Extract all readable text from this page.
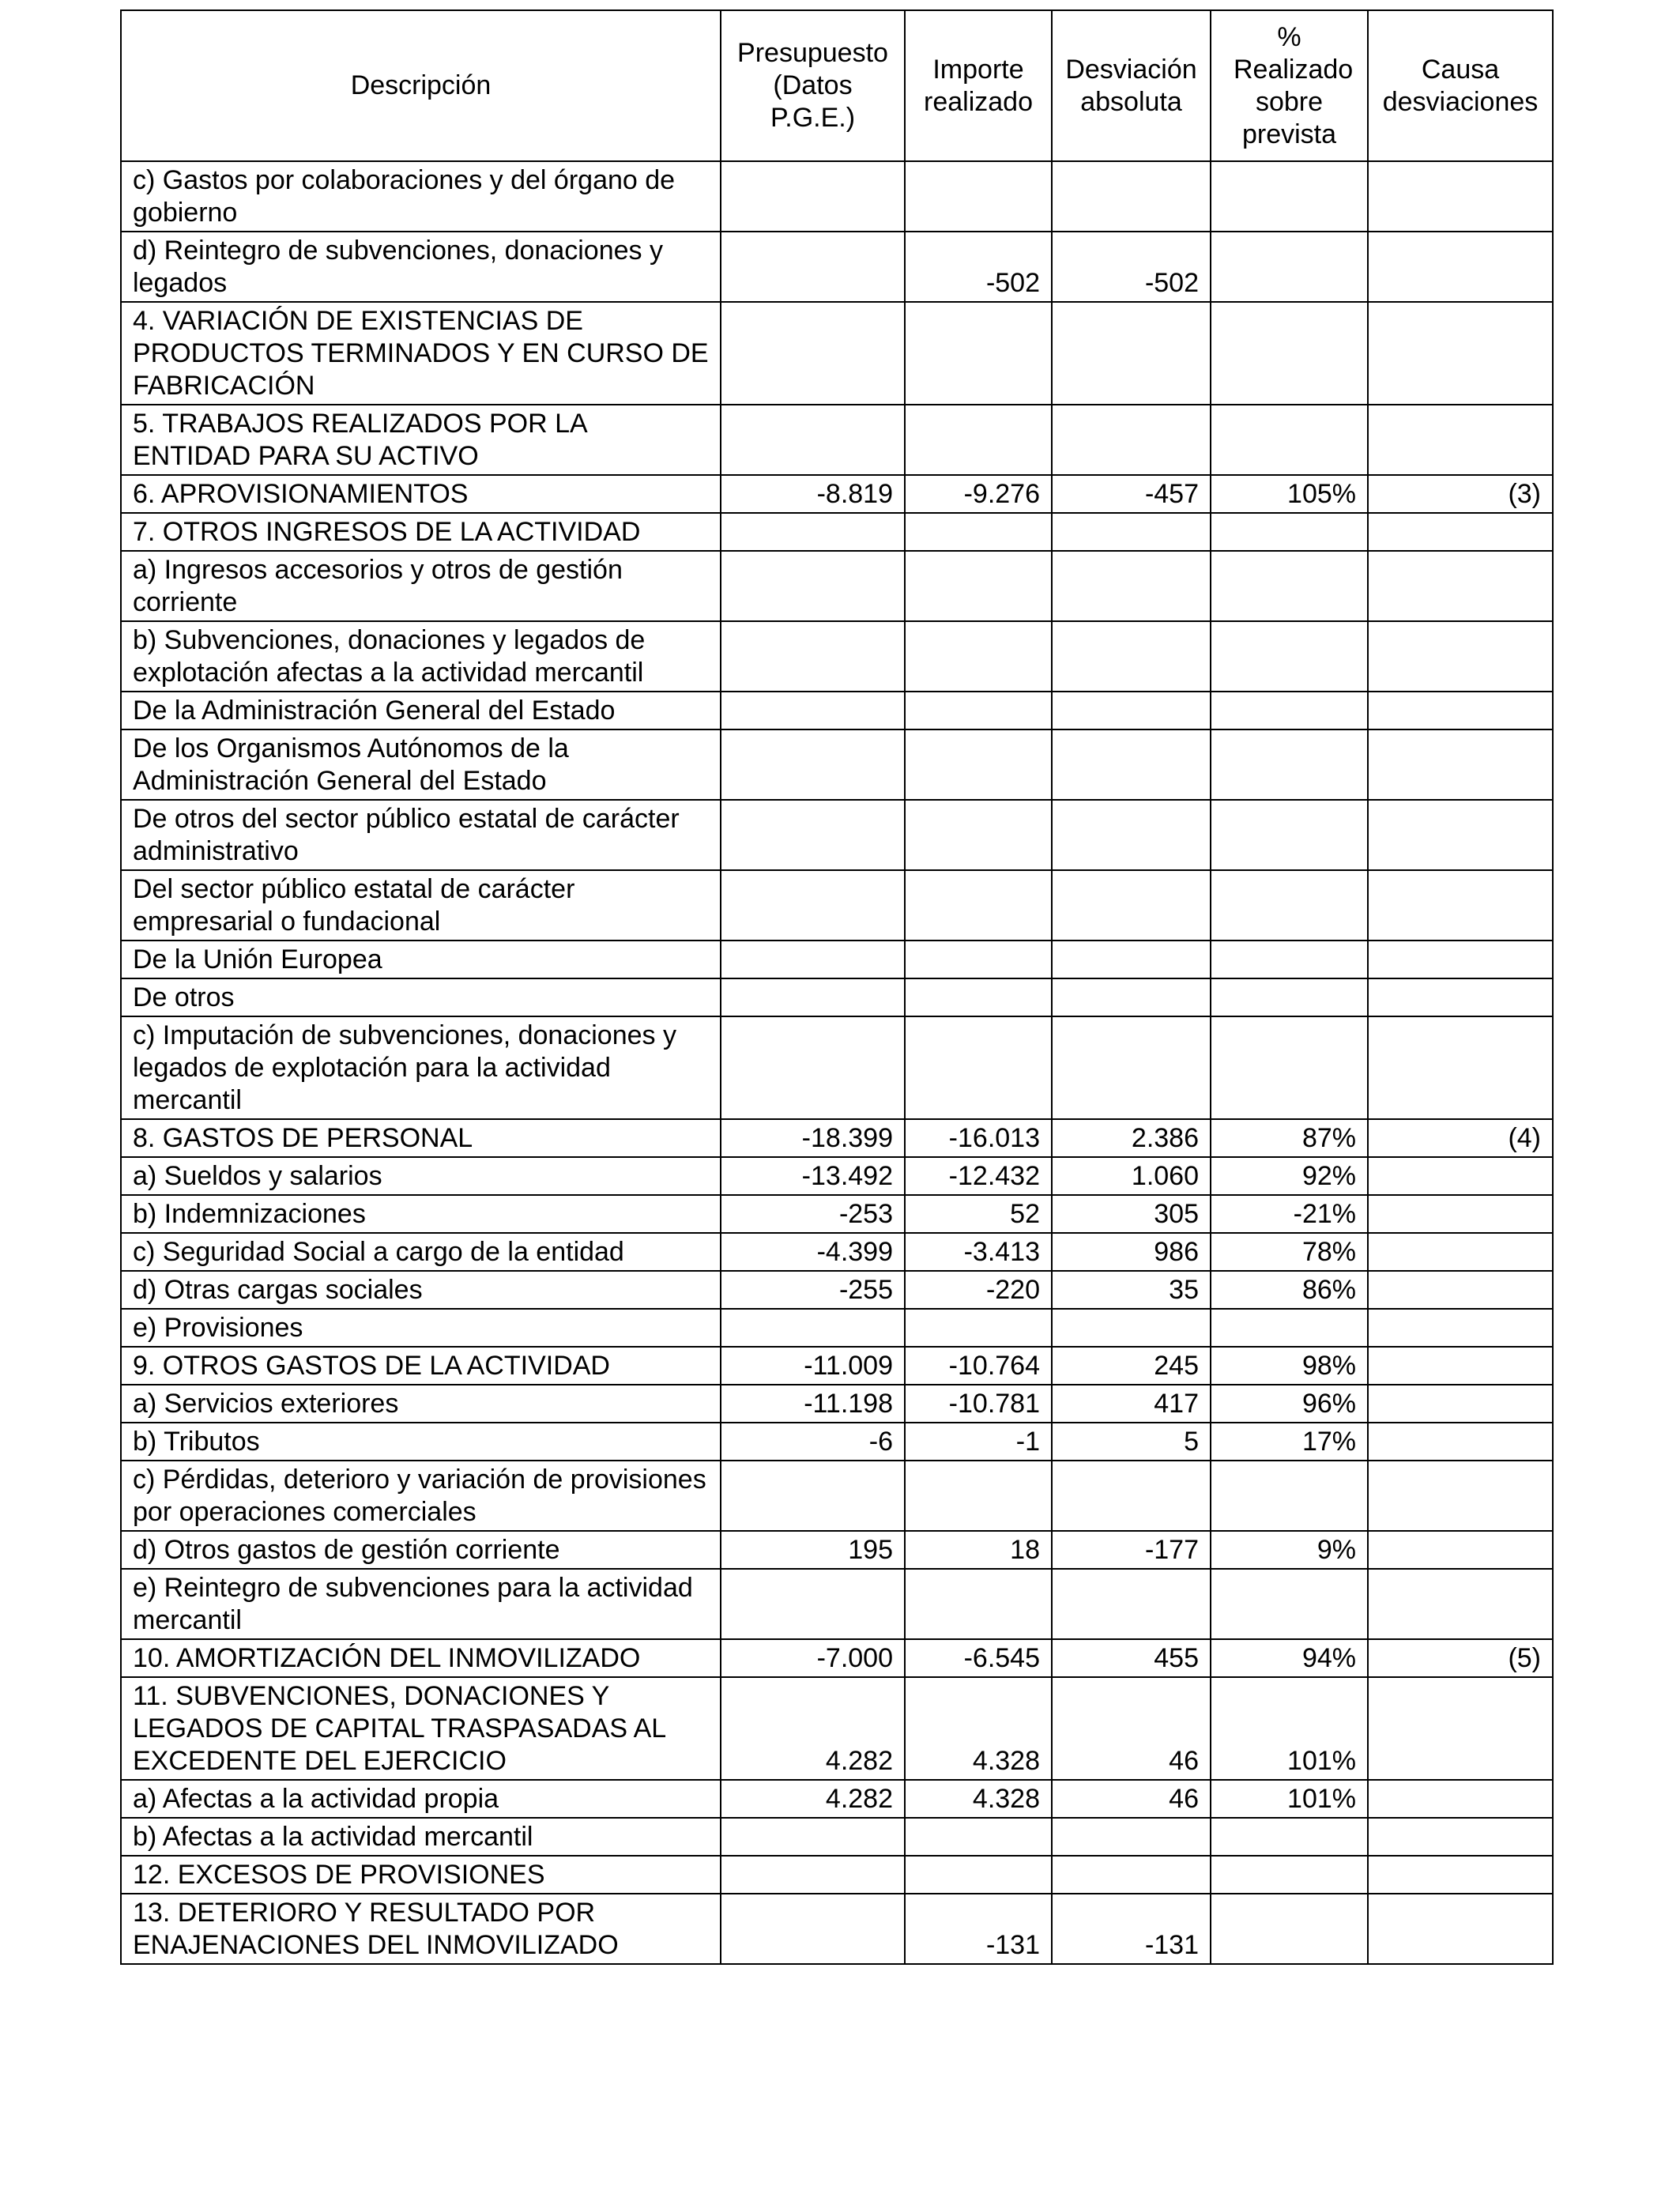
Descripción	Presupuesto (Datos P.G.E.)	Importe realizado	Desviación absoluta	% Realizado sobre prevista	Causa desviaciones
c) Gastos por colaboraciones y del órgano de gobierno					
d) Reintegro de subvenciones, donaciones y legados		-502	-502		
4. VARIACIÓN DE EXISTENCIAS DE PRODUCTOS TERMINADOS Y EN CURSO DE FABRICACIÓN					
5. TRABAJOS REALIZADOS POR LA ENTIDAD PARA SU ACTIVO					
6. APROVISIONAMIENTOS	-8.819	-9.276	-457	105%	(3)
7. OTROS INGRESOS DE LA ACTIVIDAD					
a) Ingresos accesorios y otros de gestión corriente					
b) Subvenciones, donaciones y legados de explotación afectas a la actividad mercantil					
De la Administración General del Estado					
De los Organismos Autónomos de la Administración General del Estado					
De otros del sector público estatal de carácter administrativo					
Del sector público estatal de carácter empresarial o fundacional					
De la Unión Europea					
De otros					
c) Imputación de subvenciones, donaciones y legados de explotación para la actividad mercantil					
8. GASTOS DE PERSONAL	-18.399	-16.013	2.386	87%	(4)
a) Sueldos y salarios	-13.492	-12.432	1.060	92%	
b) Indemnizaciones	-253	52	305	-21%	
c) Seguridad Social a cargo de la entidad	-4.399	-3.413	986	78%	
d) Otras cargas sociales	-255	-220	35	86%	
e) Provisiones					
9. OTROS GASTOS DE LA ACTIVIDAD	-11.009	-10.764	245	98%	
a) Servicios exteriores	-11.198	-10.781	417	96%	
b) Tributos	-6	-1	5	17%	
c) Pérdidas, deterioro y variación de provisiones por operaciones comerciales					
d) Otros gastos de gestión corriente	195	18	-177	9%	
e) Reintegro de subvenciones para la actividad mercantil					
10. AMORTIZACIÓN DEL INMOVILIZADO	-7.000	-6.545	455	94%	(5)
11. SUBVENCIONES, DONACIONES Y LEGADOS DE CAPITAL TRASPASADAS AL EXCEDENTE DEL EJERCICIO	4.282	4.328	46	101%	
a) Afectas a la actividad propia	4.282	4.328	46	101%	
b) Afectas a la actividad mercantil					
12. EXCESOS DE PROVISIONES					
13. DETERIORO Y RESULTADO POR ENAJENACIONES DEL INMOVILIZADO		-131	-131		
